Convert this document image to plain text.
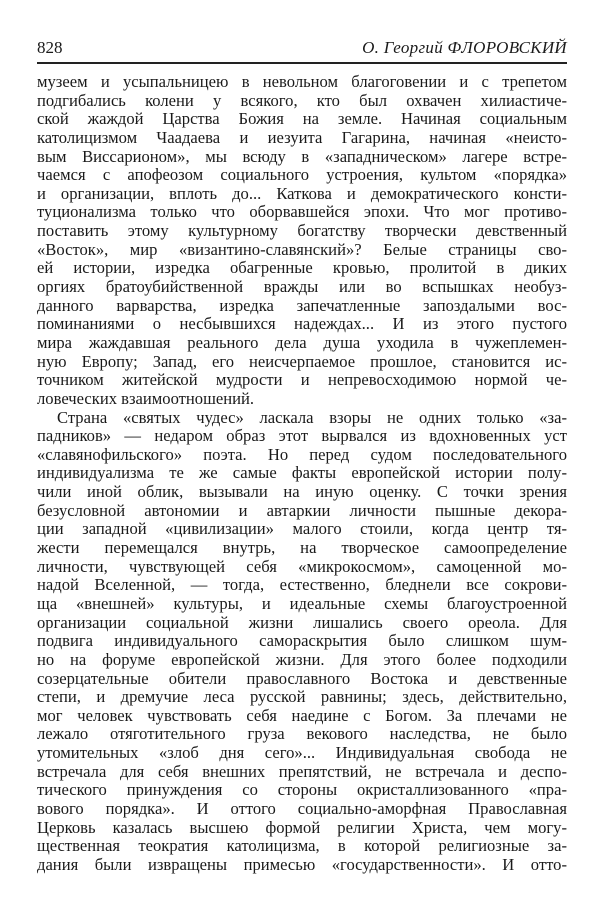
828	О. Георгий ФЛОРОВСКИЙ
музеем и усыпальницею в невольном благоговении и с трепетом
подгибались колени у всякого, кто был охвачен хилиастиче-
ской жаждой Царства Божия на земле. Начиная социальным
католицизмом Чаадаева и иезуита Гагарина, начиная «неисто-
вым Виссарионом», мы всюду в «западническом» лагере встре-
чаемся с апофеозом социального устроения, культом «порядка»
и организации, вплоть до... Каткова и демократического консти-
туционализма только что оборвавшейся эпохи. Что мог противо-
поставить этому культурному богатству творчески девственный
«Восток», мир «византино-славянский»? Белые страницы сво-
ей истории, изредка обагренные кровью, пролитой в диких
оргиях братоубийственной вражды или во вспышках необуз-
данного варварства, изредка запечатленные запоздалыми вос-
поминаниями о несбывшихся надеждах... И из этого пустого
мира жаждавшая реального дела душа уходила в чужеплемен-
ную Европу; Запад, его неисчерпаемое прошлое, становится ис-
точником житейской мудрости и непревосходимою нормой че-
ловеческих взаимоотношений.
Страна «святых чудес» ласкала взоры не одних только «за-
падников» — недаром образ этот вырвался из вдохновенных уст
«славянофильского» поэта. Но перед судом последовательного
индивидуализма те же самые факты европейской истории полу-
чили иной облик, вызывали на иную оценку. С точки зрения
безусловной автономии и автаркии личности пышные декора-
ции западной «цивилизации» малого стоили, когда центр тя-
жести перемещался внутрь, на творческое самоопределение
личности, чувствующей себя «микрокосмом», самоценной мо-
надой Вселенной, — тогда, естественно, бледнели все сокрови-
ща «внешней» культуры, и идеальные схемы благоустроенной
организации социальной жизни лишались своего ореола. Для
подвига индивидуального самораскрытия было слишком шум-
но на форуме европейской жизни. Для этого более подходили
созерцательные обители православного Востока и девственные
степи, и дремучие леса русской равнины; здесь, действительно,
мог человек чувствовать себя наедине с Богом. За плечами не
лежало отяготительного груза векового наследства, не было
утомительных «злоб дня сего»... Индивидуальная свобода не
встречала для себя внешних препятствий, не встречала и деспо-
тического принуждения со стороны окристаллизованного «пра-
вового порядка». И оттого социально-аморфная Православная
Церковь казалась высшею формой религии Христа, чем могу-
щественная теократия католицизма, в которой религиозные за-
дания были извращены примесью «государственности». И отто-
